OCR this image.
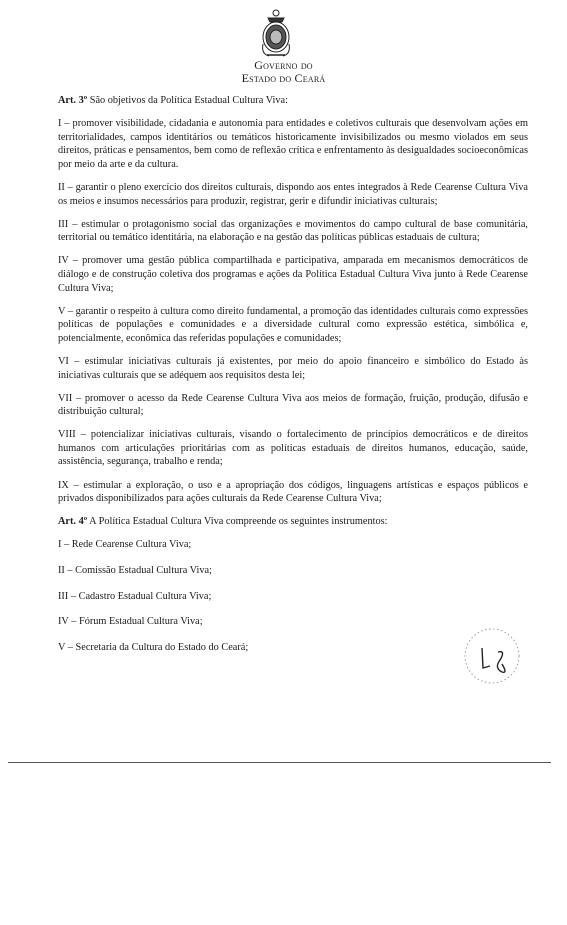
Governo do
Estado do Ceará

Art. 3º São objetivos da Política Estadual Cultura Viva:

I – promover visibilidade, cidadania e autonomia para entidades e coletivos culturais que desenvolvam ações em territorialidades, campos identitários ou temáticos historicamente invisibilizados ou mesmo violados em seus direitos, práticas e pensamentos, bem como de reflexão crítica e enfrentamento às desigualdades socioeconômicas por meio da arte e da cultura.

II – garantir o pleno exercício dos direitos culturais, dispondo aos entes integrados à Rede Cearense Cultura Viva os meios e insumos necessários para produzir, registrar, gerir e difundir iniciativas culturais;

III – estimular o protagonismo social das organizações e movimentos do campo cultural de base comunitária, territorial ou temático identitária, na elaboração e na gestão das políticas públicas estaduais de cultura;

IV – promover uma gestão pública compartilhada e participativa, amparada em mecanismos democráticos de diálogo e de construção coletiva dos programas e ações da Política Estadual Cultura Viva junto à Rede Cearense Cultura Viva;

V – garantir o respeito à cultura como direito fundamental, a promoção das identidades culturais como expressões políticas de populações e comunidades e a diversidade cultural como expressão estética, simbólica e, potencialmente, econômica das referidas populações e comunidades;

VI – estimular iniciativas culturais já existentes, por meio do apoio financeiro e simbólico do Estado às iniciativas culturais que se adéquem aos requisitos desta lei;

VII – promover o acesso da Rede Cearense Cultura Viva aos meios de formação, fruição, produção, difusão e distribuição cultural;

VIII – potencializar iniciativas culturais, visando o fortalecimento de princípios democráticos e de direitos humanos com articulações prioritárias com as políticas estaduais de direitos humanos, educação, saúde, assistência, segurança, trabalho e renda;

IX – estimular a exploração, o uso e a apropriação dos códigos, linguagens artísticas e espaços públicos e privados disponibilizados para ações culturais da Rede Cearense Cultura Viva;

Art. 4º A Política Estadual Cultura Viva compreende os seguintes instrumentos:

I – Rede Cearense Cultura Viva;

II – Comissão Estadual Cultura Viva;

III – Cadastro Estadual Cultura Viva;

IV – Fórum Estadual Cultura Viva;

V – Secretaria da Cultura do Estado do Ceará;
